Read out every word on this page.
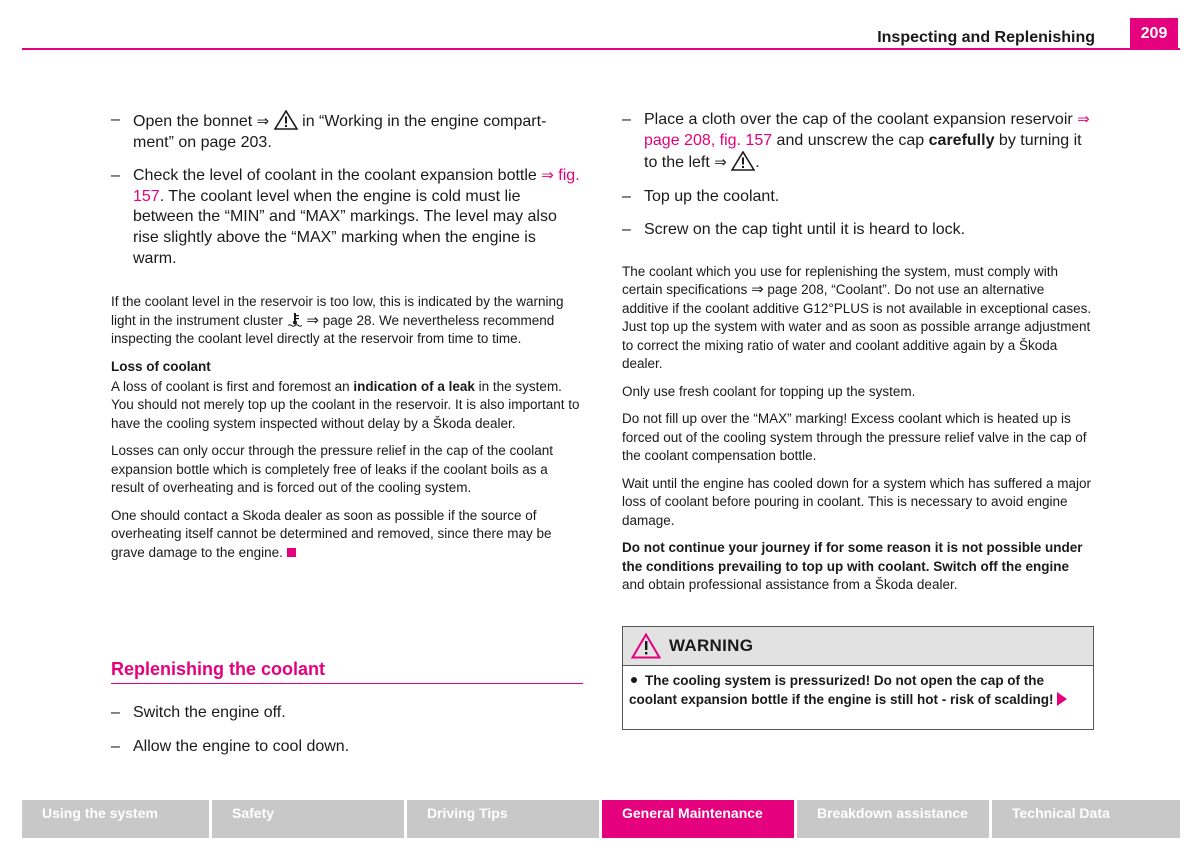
Inspecting and Replenishing	209

– Open the bonnet ⇒  in “Working in the engine compart-ment” on page 203.

– Check the level of coolant in the coolant expansion bottle ⇒ fig. 157. The coolant level when the engine is cold must lie between the “MIN” and “MAX” markings. The level may also rise slightly above the “MAX” marking when the engine is warm.

If the coolant level in the reservoir is too low, this is indicated by the warning light in the instrument cluster  ⇒ page 28. We nevertheless recommend inspecting the coolant level directly at the reservoir from time to time.

Loss of coolant

A loss of coolant is first and foremost an indication of a leak in the system. You should not merely top up the coolant in the reservoir. It is also important to have the cooling system inspected without delay by a Škoda dealer.

Losses can only occur through the pressure relief in the cap of the coolant expansion bottle which is completely free of leaks if the coolant boils as a result of overheating and is forced out of the cooling system.

One should contact a Skoda dealer as soon as possible if the source of overheating itself cannot be determined and removed, since there may be grave damage to the engine.

Replenishing the coolant

– Switch the engine off.

– Allow the engine to cool down.

– Place a cloth over the cap of the coolant expansion reservoir ⇒ page 208, fig. 157 and unscrew the cap carefully by turning it to the left ⇒ .

– Top up the coolant.

– Screw on the cap tight until it is heard to lock.

The coolant which you use for replenishing the system, must comply with certain specifications ⇒ page 208, “Coolant”. Do not use an alternative additive if the coolant additive G12°PLUS is not available in exceptional cases. Just top up the system with water and as soon as possible arrange adjustment to correct the mixing ratio of water and coolant additive again by a Škoda dealer.

Only use fresh coolant for topping up the system.

Do not fill up over the “MAX” marking! Excess coolant which is heated up is forced out of the cooling system through the pressure relief valve in the cap of the coolant compensation bottle.

Wait until the engine has cooled down for a system which has suffered a major loss of coolant before pouring in coolant. This is necessary to avoid engine damage.

Do not continue your journey if for some reason it is not possible under the conditions prevailing to top up with coolant. Switch off the engine and obtain professional assistance from a Škoda dealer.

WARNING
The cooling system is pressurized! Do not open the cap of the coolant expansion bottle if the engine is still hot - risk of scalding!
Using the system	Safety	Driving Tips	General Maintenance	Breakdown assistance	Technical Data
